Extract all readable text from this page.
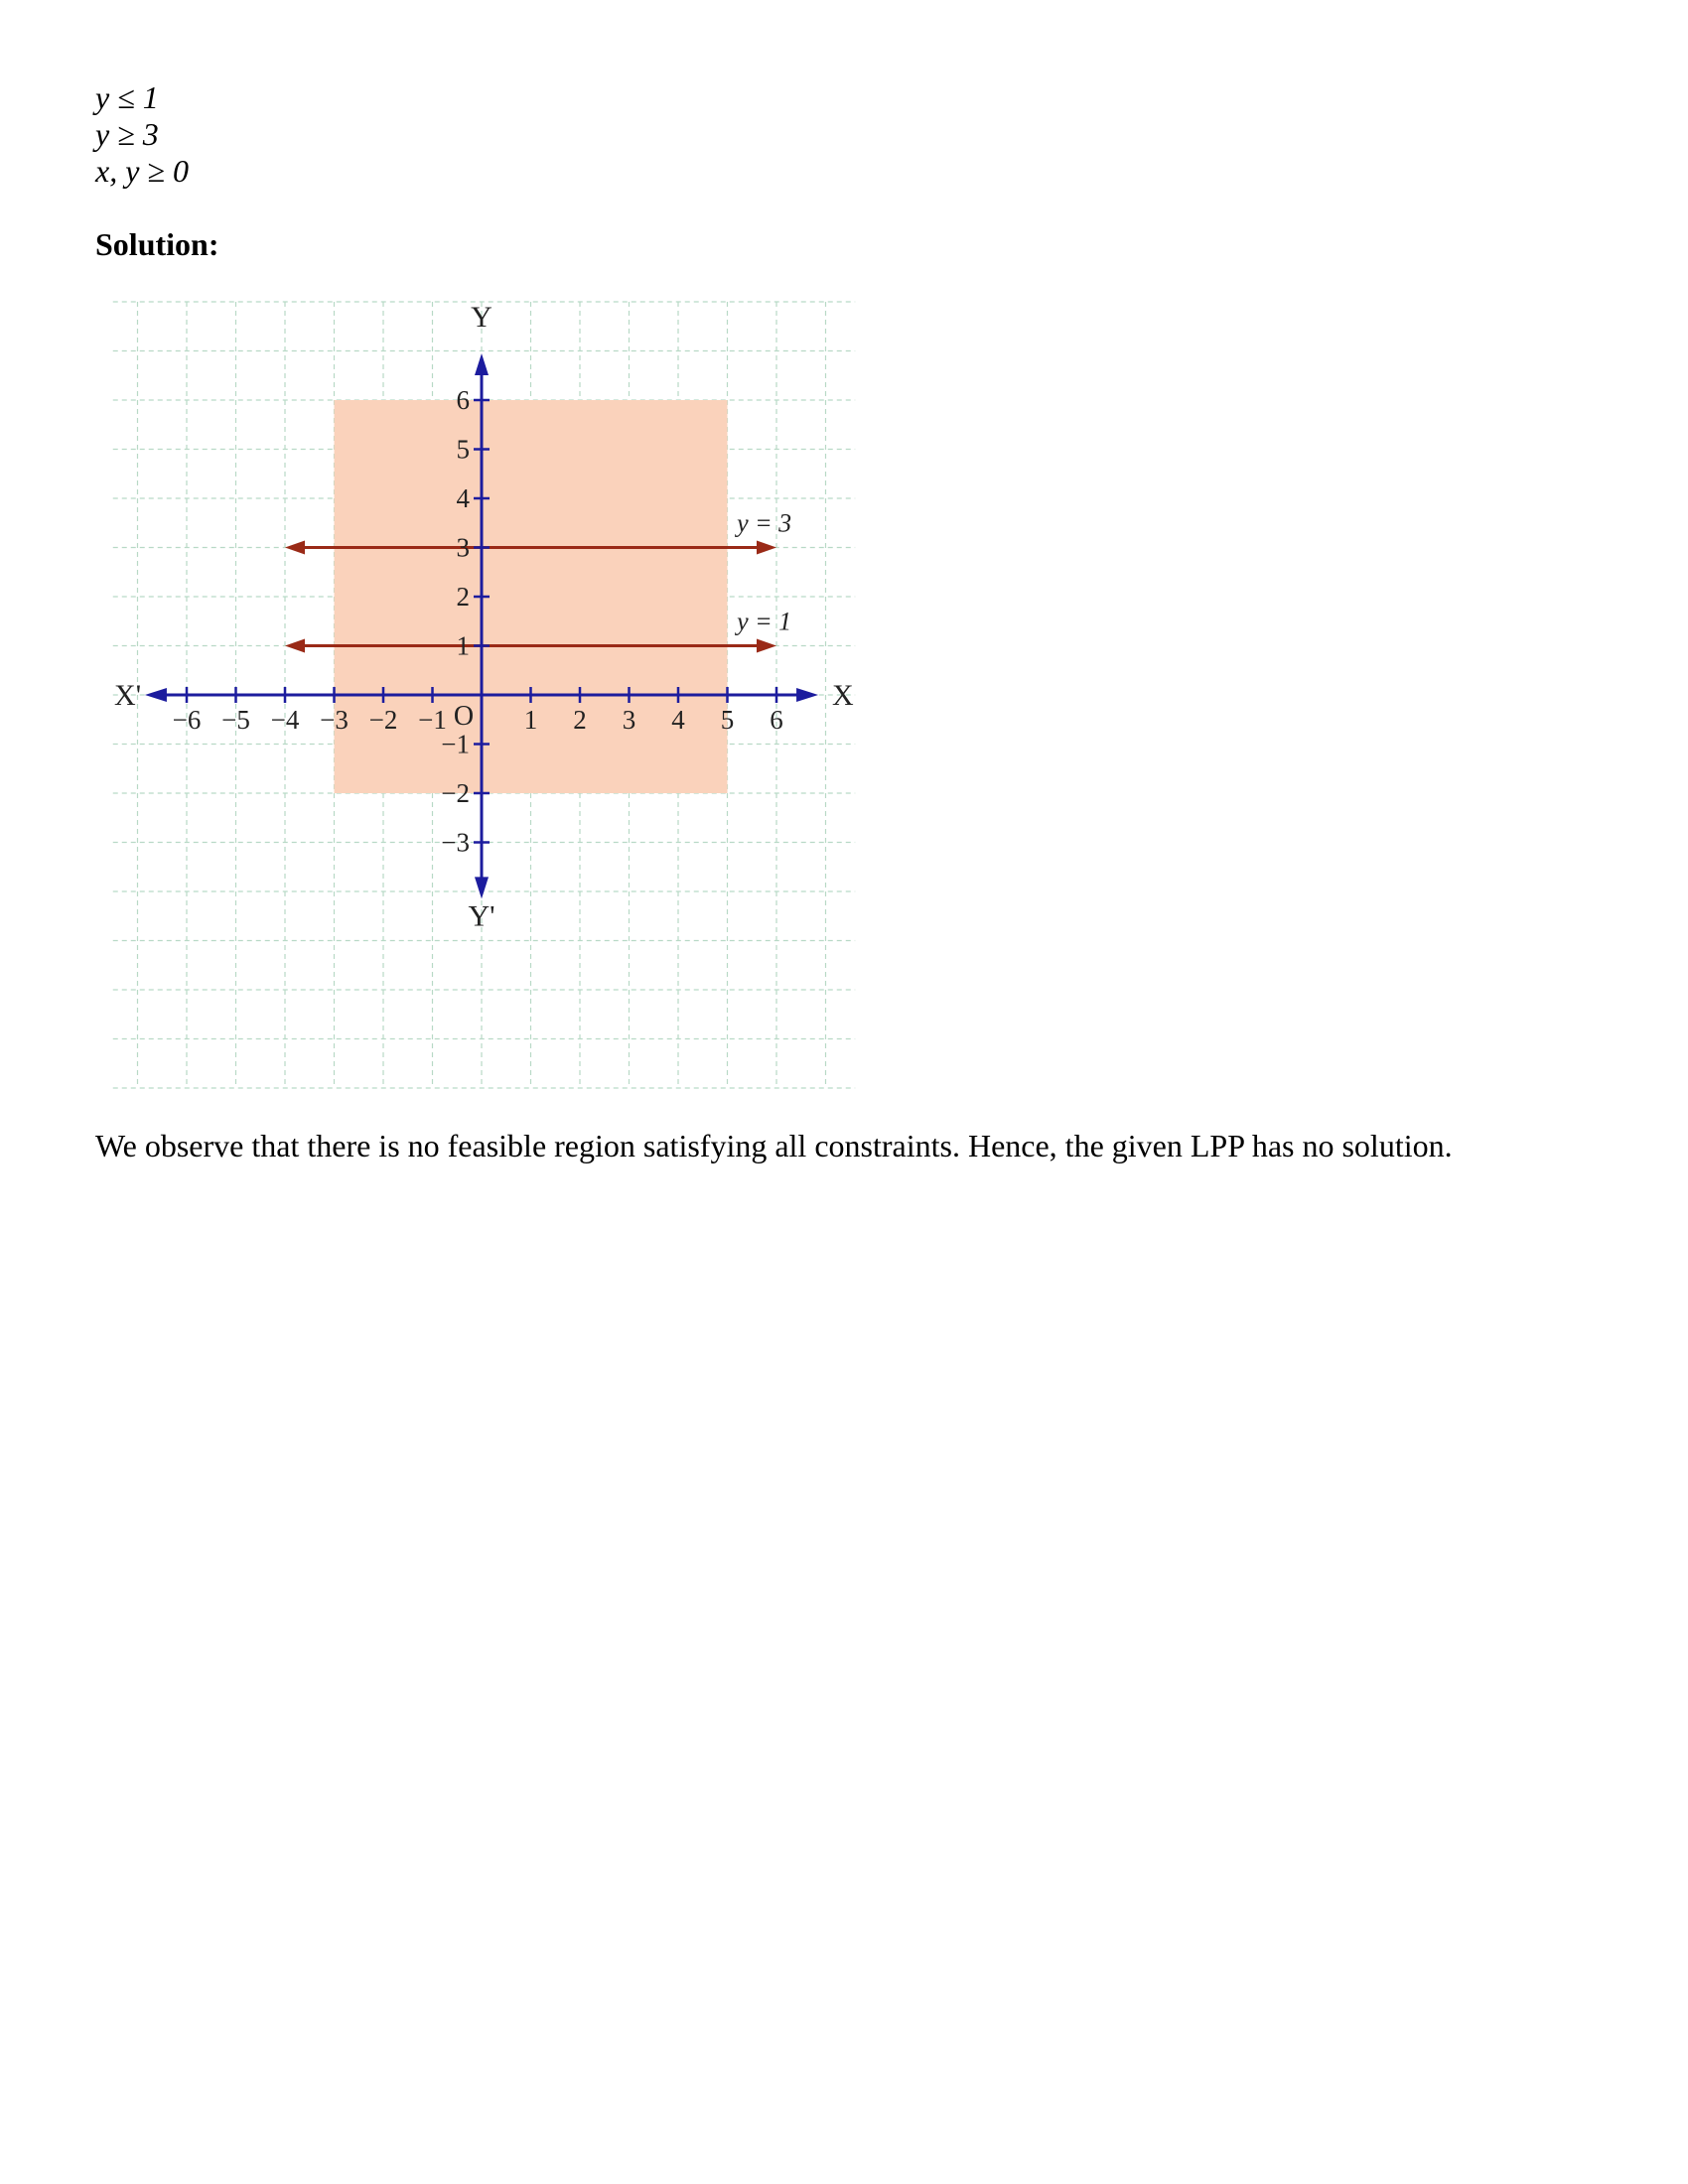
y ≤ 1
y ≥ 3
x, y ≥ 0
Solution:
y = 3
y = 1
−6 −5 −4 −3 −2 −1	1 2 3 4 5 6
−3
−2
−1
1
2
3
4
5
6
X'	X
Y
Y'
O
We observe that there is no feasible region satisfying all constraints. Hence, the given LPP has no solution.
